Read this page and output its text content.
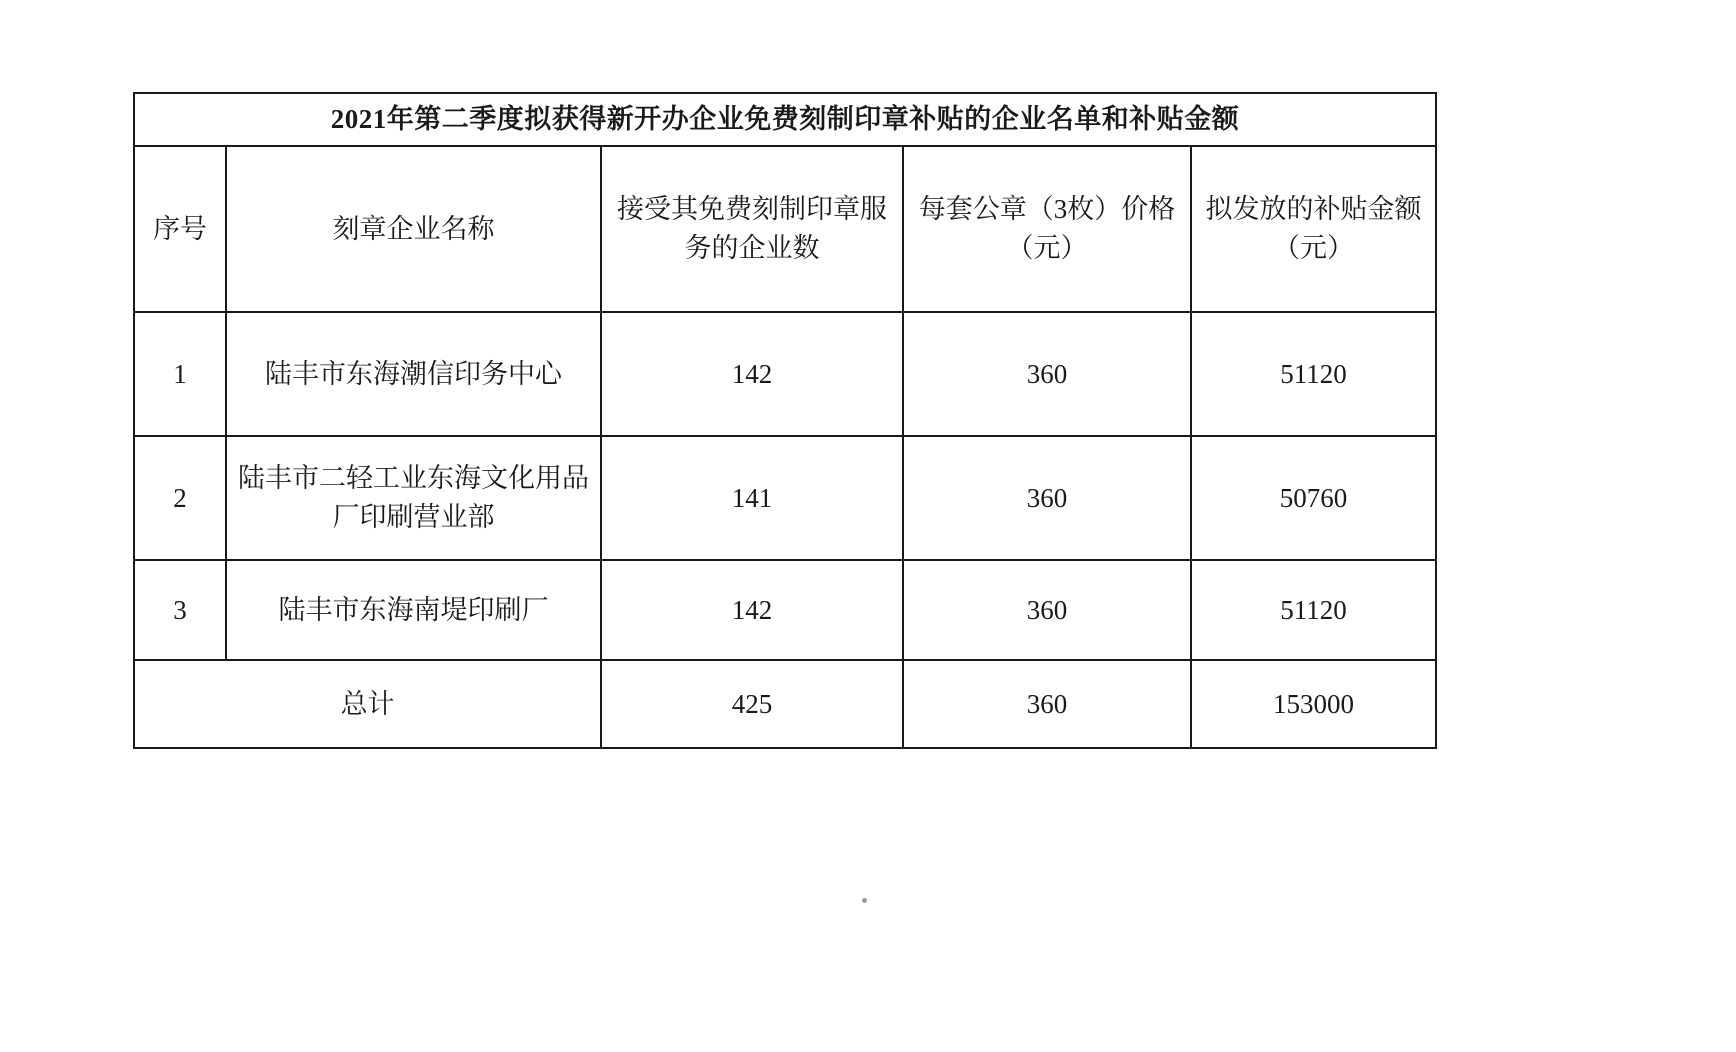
2021年第二季度拟获得新开办企业免费刻制印章补贴的企业名单和补贴金额				
序号	刻章企业名称	接受其免费刻制印章服务的企业数	每套公章（3枚）价格（元）	拟发放的补贴金额（元）
1	陆丰市东海潮信印务中心	142	360	51120
2	陆丰市二轻工业东海文化用品厂印刷营业部	141	360	50760
3	陆丰市东海南堤印刷厂	142	360	51120
总计		425	360	153000
